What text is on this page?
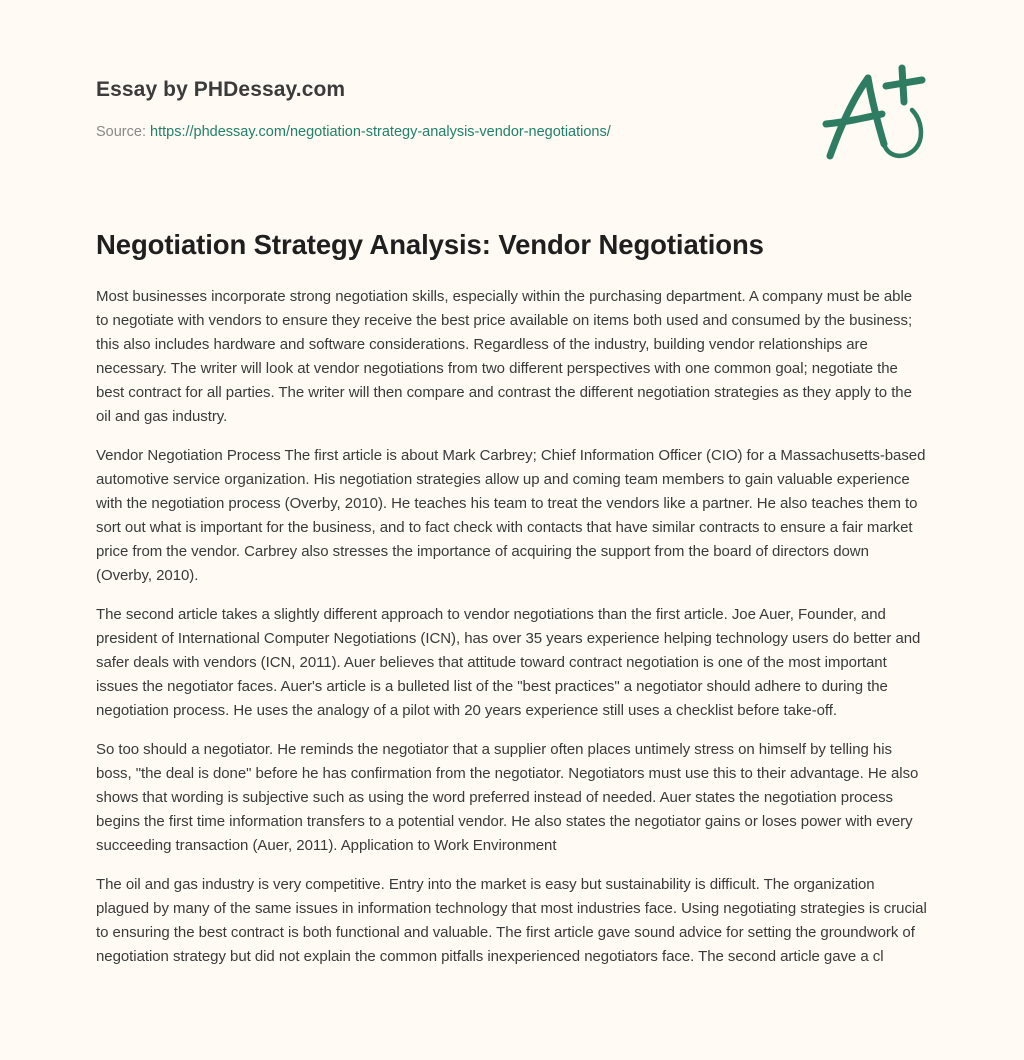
Essay by PHDessay.com
Source: https://phdessay.com/negotiation-strategy-analysis-vendor-negotiations/
Negotiation Strategy Analysis: Vendor Negotiations

Most businesses incorporate strong negotiation skills, especially within the purchasing department. A company must be able to negotiate with vendors to ensure they receive the best price available on items both used and consumed by the business; this also includes hardware and software considerations. Regardless of the industry, building vendor relationships are necessary. The writer will look at vendor negotiations from two different perspectives with one common goal; negotiate the best contract for all parties. The writer will then compare and contrast the different negotiation strategies as they apply to the oil and gas industry.

Vendor Negotiation Process The first article is about Mark Carbrey; Chief Information Officer (CIO) for a Massachusetts-based automotive service organization. His negotiation strategies allow up and coming team members to gain valuable experience with the negotiation process (Overby, 2010). He teaches his team to treat the vendors like a partner. He also teaches them to sort out what is important for the business, and to fact check with contacts that have similar contracts to ensure a fair market price from the vendor. Carbrey also stresses the importance of acquiring the support from the board of directors down (Overby, 2010).

The second article takes a slightly different approach to vendor negotiations than the first article. Joe Auer, Founder, and president of International Computer Negotiations (ICN), has over 35 years experience helping technology users do better and safer deals with vendors (ICN, 2011). Auer believes that attitude toward contract negotiation is one of the most important issues the negotiator faces. Auer's article is a bulleted list of the "best practices" a negotiator should adhere to during the negotiation process. He uses the analogy of a pilot with 20 years experience still uses a checklist before take-off.

So too should a negotiator. He reminds the negotiator that a supplier often places untimely stress on himself by telling his boss, "the deal is done" before he has confirmation from the negotiator. Negotiators must use this to their advantage. He also shows that wording is subjective such as using the word preferred instead of needed. Auer states the negotiation process begins the first time information transfers to a potential vendor. He also states the negotiator gains or loses power with every succeeding transaction (Auer, 2011). Application to Work Environment

The oil and gas industry is very competitive. Entry into the market is easy but sustainability is difficult. The organization plagued by many of the same issues in information technology that most industries face. Using negotiating strategies is crucial to ensuring the best contract is both functional and valuable. The first article gave sound advice for setting the groundwork of negotiation strategy but did not explain the common pitfalls inexperienced negotiators face. The second article gave a cl
